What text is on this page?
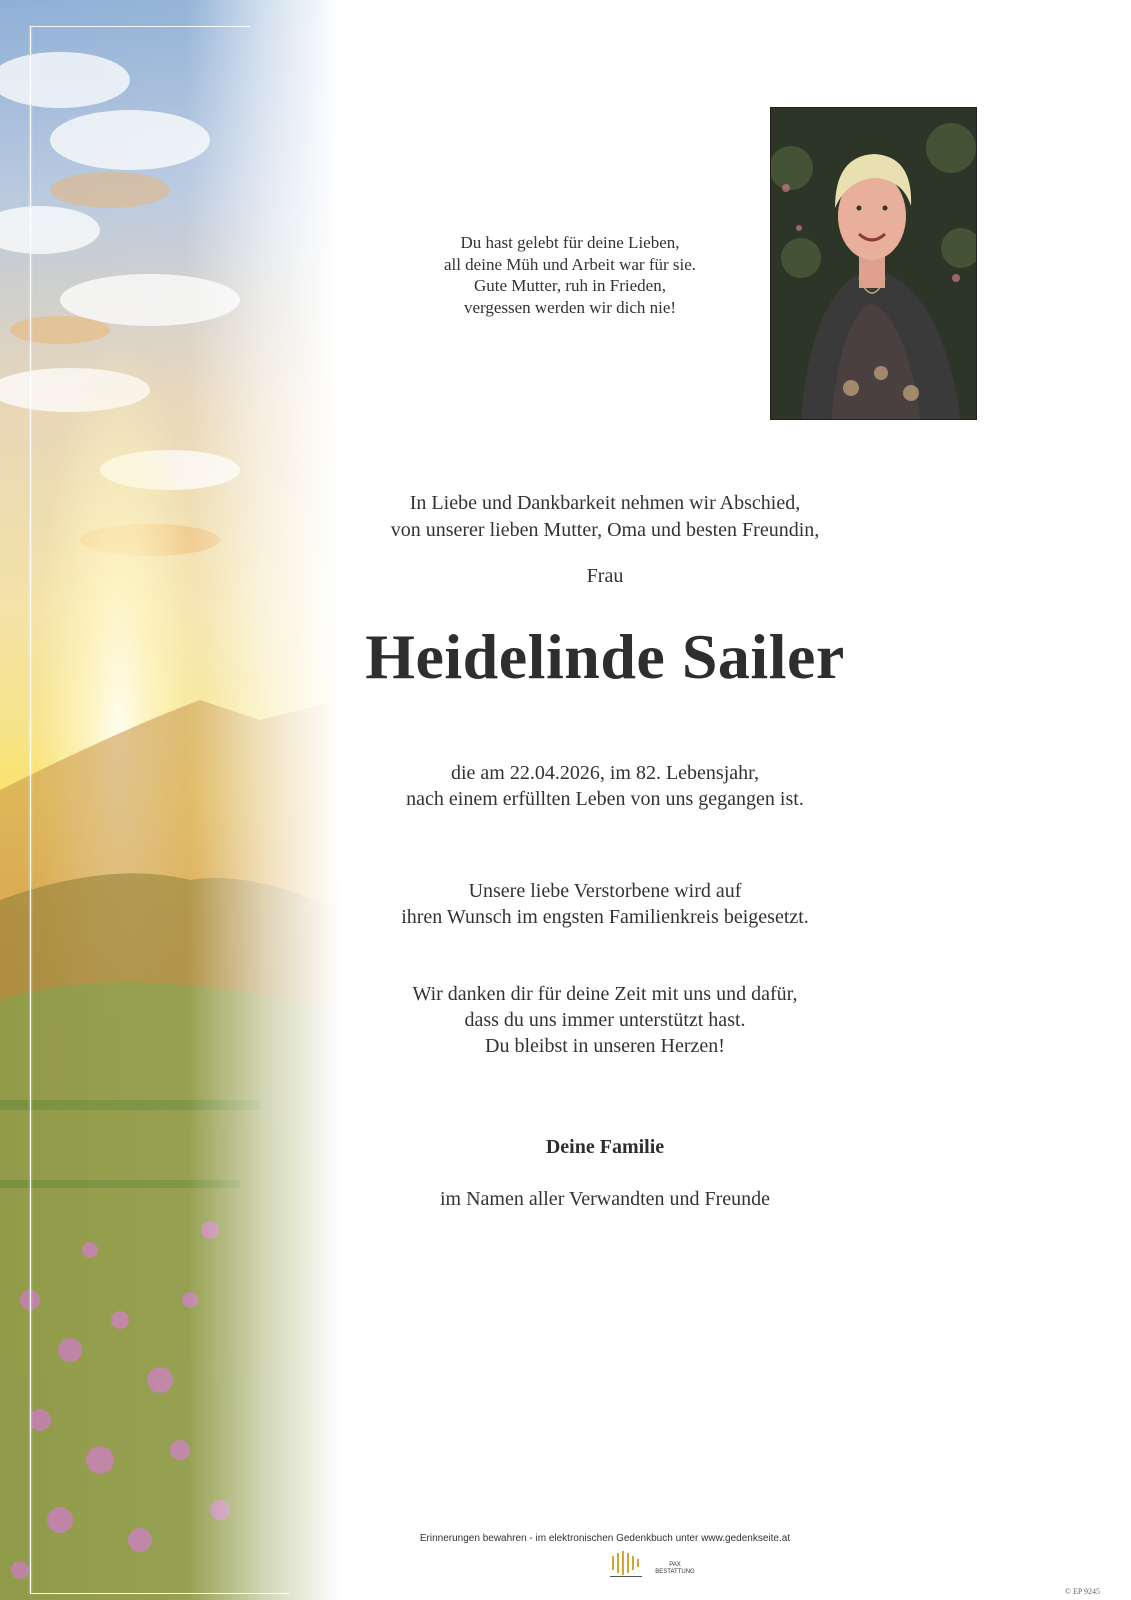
Du hast gelebt für deine Lieben,
all deine Müh und Arbeit war für sie.
Gute Mutter, ruh in Frieden,
vergessen werden wir dich nie!
In Liebe und Dankbarkeit nehmen wir Abschied,
von unserer lieben Mutter, Oma und besten Freundin,
Frau
Heidelinde Sailer
die am 22.04.2026, im 82. Lebensjahr,
nach einem erfüllten Leben von uns gegangen ist.
Unsere liebe Verstorbene wird auf
ihren Wunsch im engsten Familienkreis beigesetzt.
Wir danken dir für deine Zeit mit uns und dafür,
dass du uns immer unterstützt hast.
Du bleibst in unseren Herzen!
Deine Familie
im Namen aller Verwandten und Freunde
Erinnerungen bewahren - im elektronischen Gedenkbuch unter www.gedenkseite.at
PAX
BESTATTUNG
© EP 9245
